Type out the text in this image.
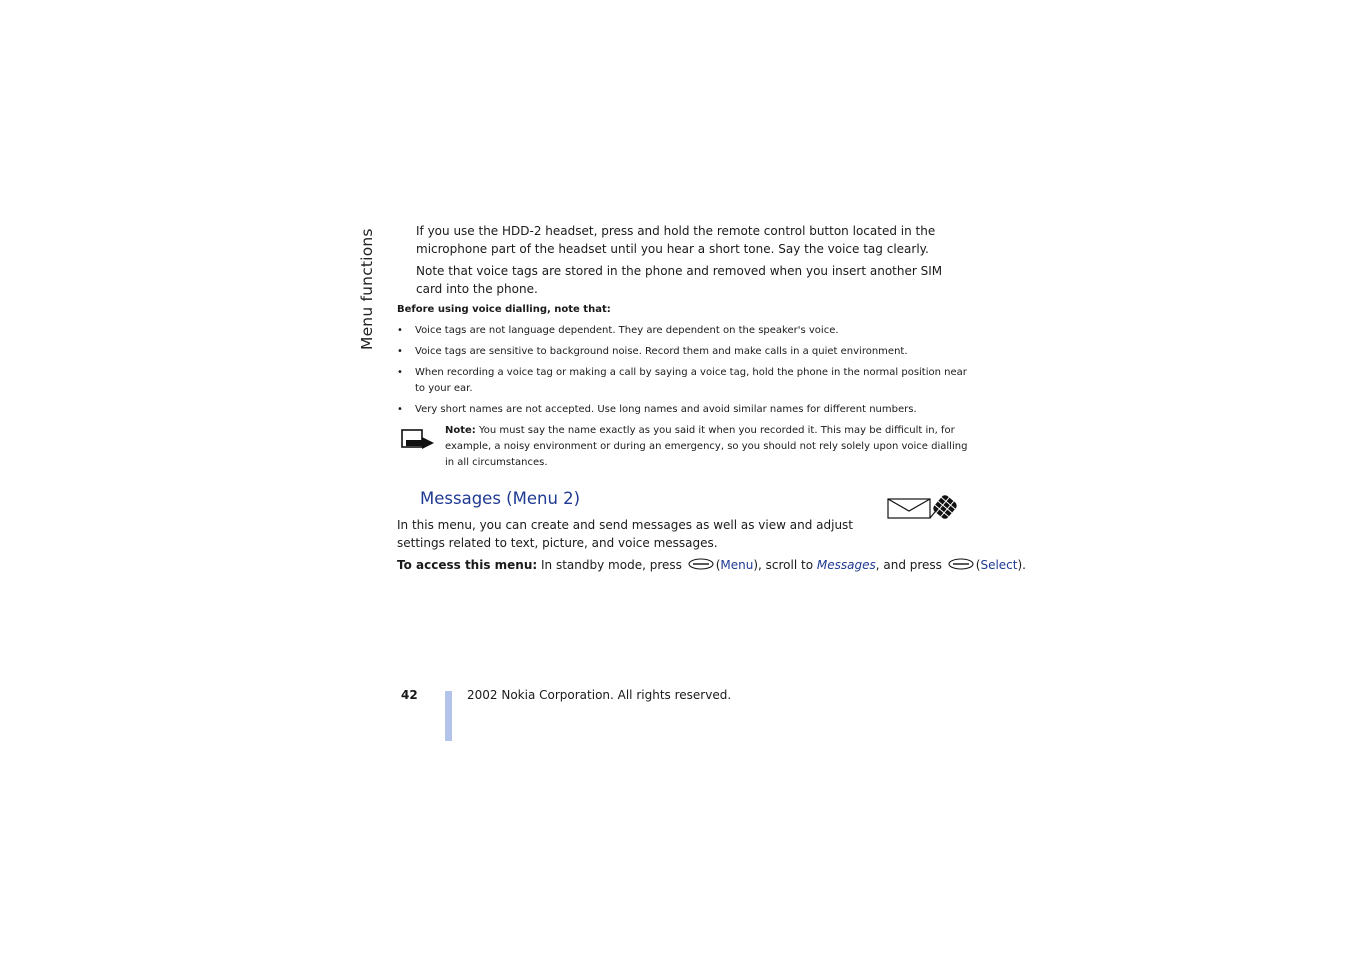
Menu functions	If you use the HDD-2 headset, press and hold the remote control button located in the microphone part of the headset until you hear a short tone. Say the voice tag clearly.
Note that voice tags are stored in the phone and removed when you insert another SIM card into the phone.
Before using voice dialling, note that:
•	Voice tags are not language dependent. They are dependent on the speaker's voice.
•	Voice tags are sensitive to background noise. Record them and make calls in a quiet environment.
•	When recording a voice tag or making a call by saying a voice tag, hold the phone in the normal position near to your ear.
•	Very short names are not accepted. Use long names and avoid similar names for different numbers.
Note: You must say the name exactly as you said it when you recorded it. This may be difficult in, for example, a noisy environment or during an emergency, so you should not rely solely upon voice dialling in all circumstances.
Messages (Menu 2)
In this menu, you can create and send messages as well as view and adjust settings related to text, picture, and voice messages.
To access this menu: In standby mode, press	(Menu), scroll to Messages, and press	(Select).
42	2002 Nokia Corporation. All rights reserved.
